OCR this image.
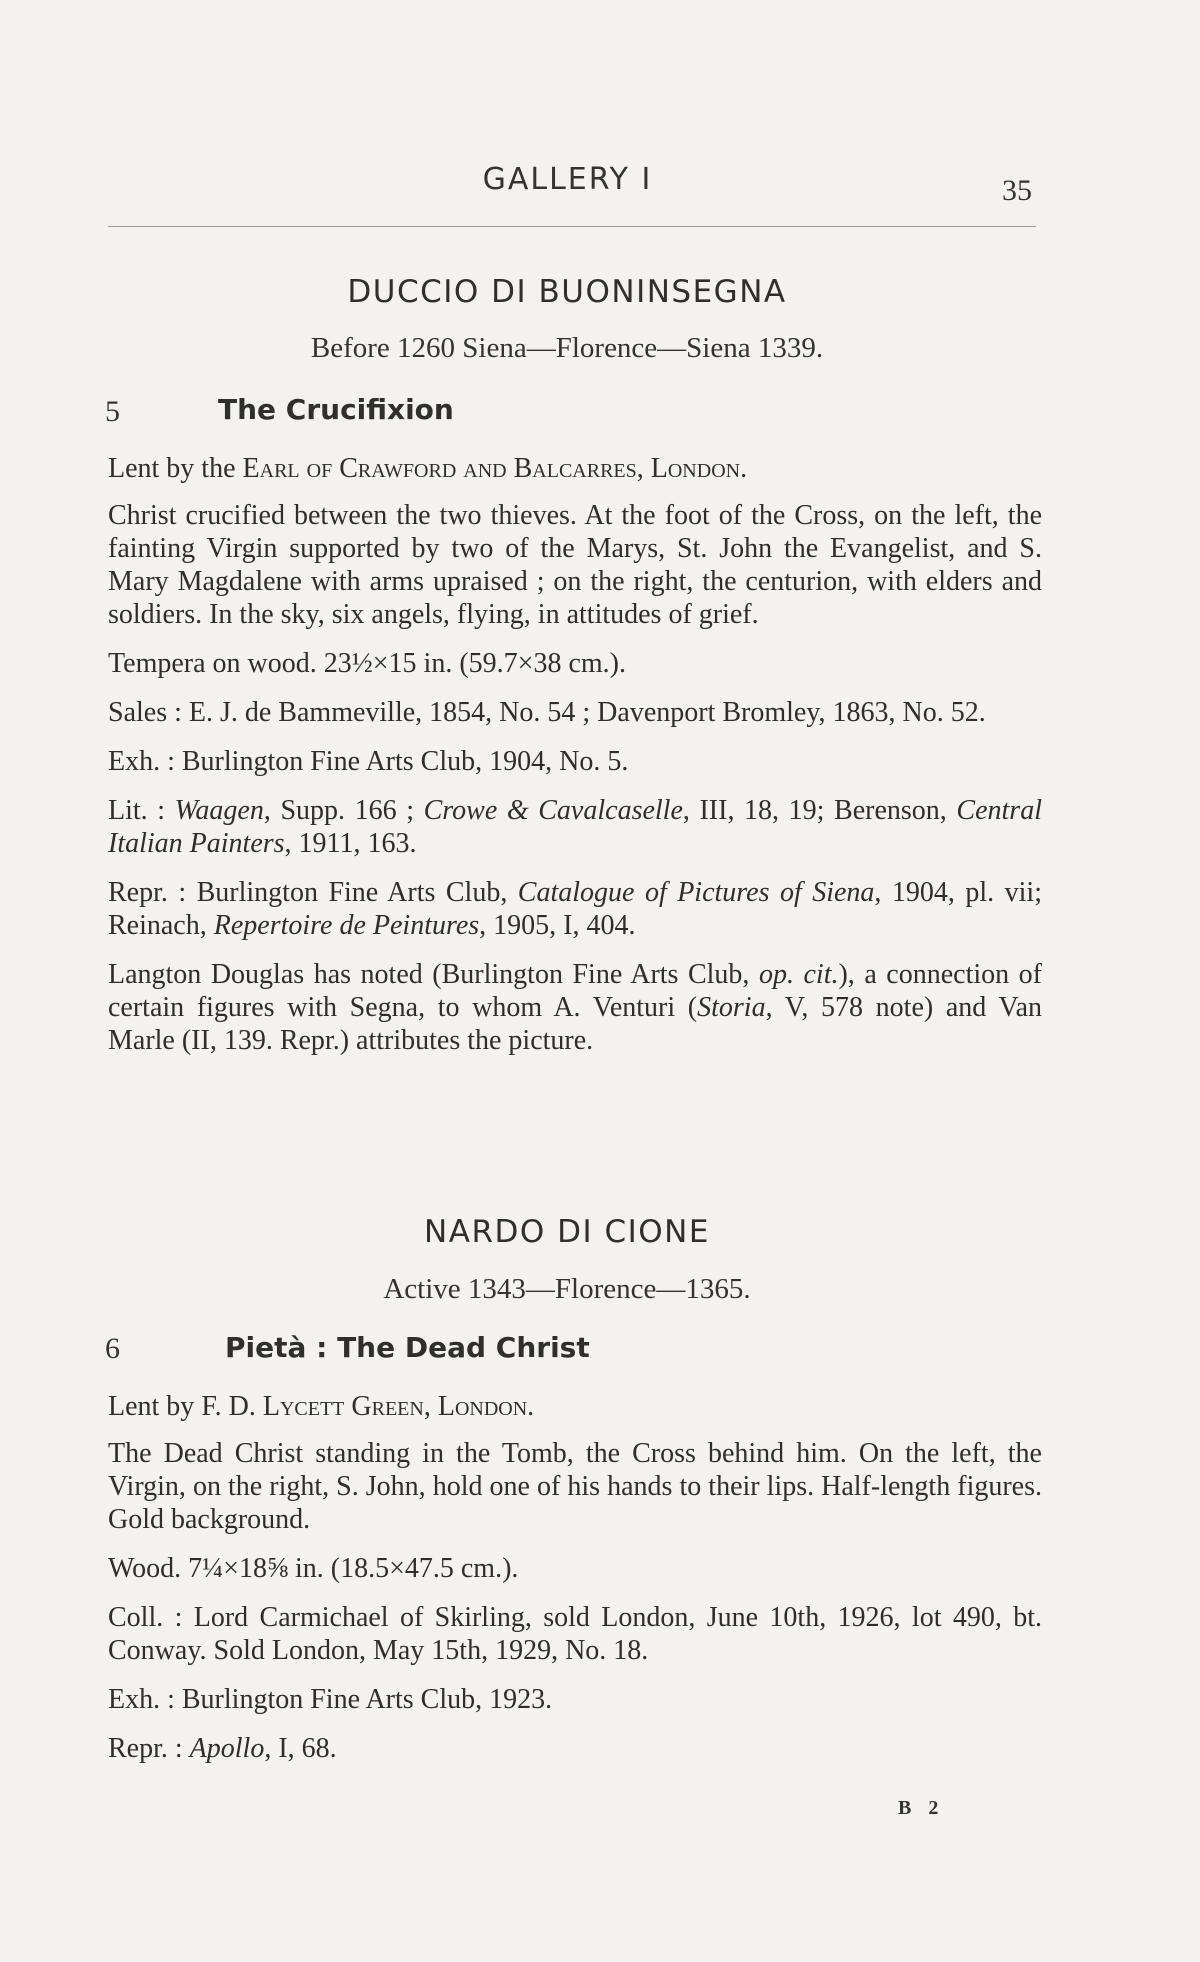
GALLERY I	35
DUCCIO DI BUONINSEGNA
Before 1260 Siena—Florence—Siena 1339.
5	The Crucifixion

Lent by the Earl of Crawford and Balcarres, London.

Christ crucified between the two thieves. At the foot of the Cross, on the left, the fainting Virgin supported by two of the Marys, St. John the Evangelist, and S. Mary Magdalene with arms upraised ; on the right, the centurion, with elders and soldiers. In the sky, six angels, flying, in attitudes of grief.

Tempera on wood. 23½×15 in. (59.7×38 cm.).

Sales : E. J. de Bammeville, 1854, No. 54 ; Davenport Bromley, 1863, No. 52.

Exh. : Burlington Fine Arts Club, 1904, No. 5.

Lit. : Waagen, Supp. 166 ; Crowe & Cavalcaselle, III, 18, 19; Berenson, Central Italian Painters, 1911, 163.

Repr. : Burlington Fine Arts Club, Catalogue of Pictures of Siena, 1904, pl. vii; Reinach, Repertoire de Peintures, 1905, I, 404.

Langton Douglas has noted (Burlington Fine Arts Club, op. cit.), a connection of certain figures with Segna, to whom A. Venturi (Storia, V, 578 note) and Van Marle (II, 139. Repr.) attributes the picture.

NARDO DI CIONE
Active 1343—Florence—1365.
6	Pietà : The Dead Christ

Lent by F. D. Lycett Green, London.

The Dead Christ standing in the Tomb, the Cross behind him. On the left, the Virgin, on the right, S. John, hold one of his hands to their lips. Half-length figures. Gold background.

Wood. 7¼×18⅝ in. (18.5×47.5 cm.).

Coll. : Lord Carmichael of Skirling, sold London, June 10th, 1926, lot 490, bt. Conway. Sold London, May 15th, 1929, No. 18.

Exh. : Burlington Fine Arts Club, 1923.

Repr. : Apollo, I, 68.

B 2
